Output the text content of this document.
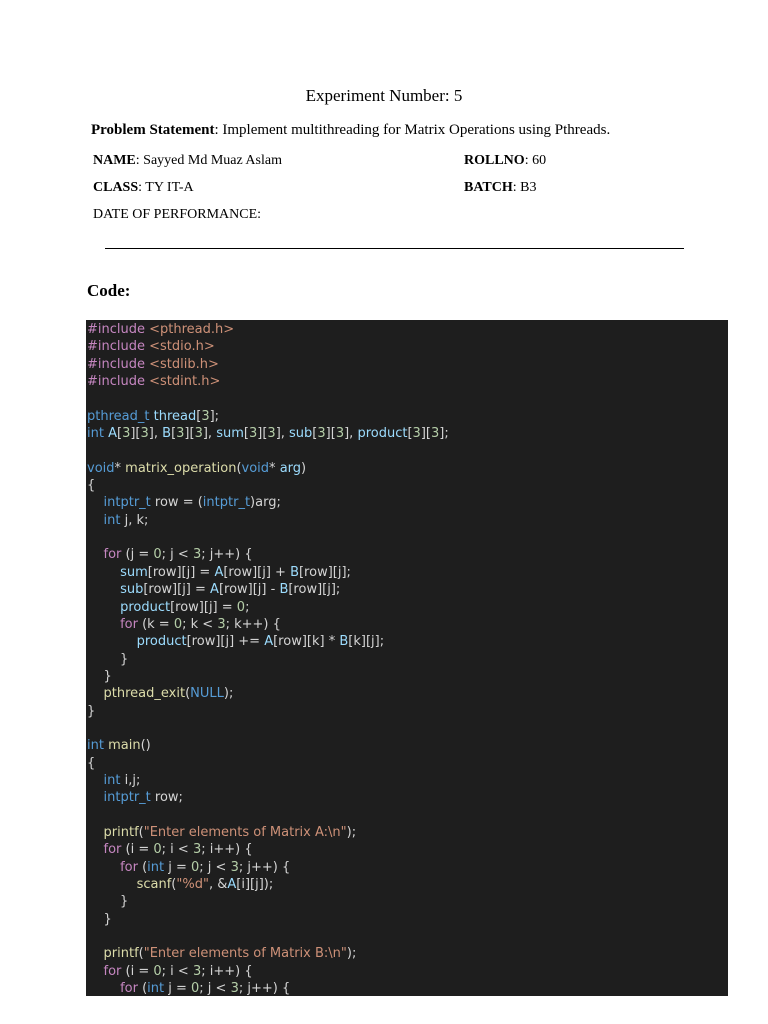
Experiment Number: 5
Problem Statement: Implement multithreading for Matrix Operations using Pthreads.
NAME: Sayyed Md Muaz Aslam	ROLLNO: 60
CLASS: TY IT-A	BATCH: B3
DATE OF PERFORMANCE:
Code:
#include <pthread.h>
#include <stdio.h>
#include <stdlib.h>
#include <stdint.h>
pthread_t thread[3];
int A[3][3], B[3][3], sum[3][3], sub[3][3], product[3][3];
void* matrix_operation(void* arg)
{
intptr_t row = (intptr_t)arg;
int j, k;
for (j = 0; j < 3; j++) {
sum[row][j] = A[row][j] + B[row][j];
sub[row][j] = A[row][j] - B[row][j];
product[row][j] = 0;
for (k = 0; k < 3; k++) {
product[row][j] += A[row][k] * B[k][j];
}
}
pthread_exit(NULL);
}
int main()
{
int i,j;
intptr_t row;
printf("Enter elements of Matrix A:\n");
for (i = 0; i < 3; i++) {
for (int j = 0; j < 3; j++) {
scanf("%d", &A[i][j]);
}
}
printf("Enter elements of Matrix B:\n");
for (i = 0; i < 3; i++) {
for (int j = 0; j < 3; j++) {
